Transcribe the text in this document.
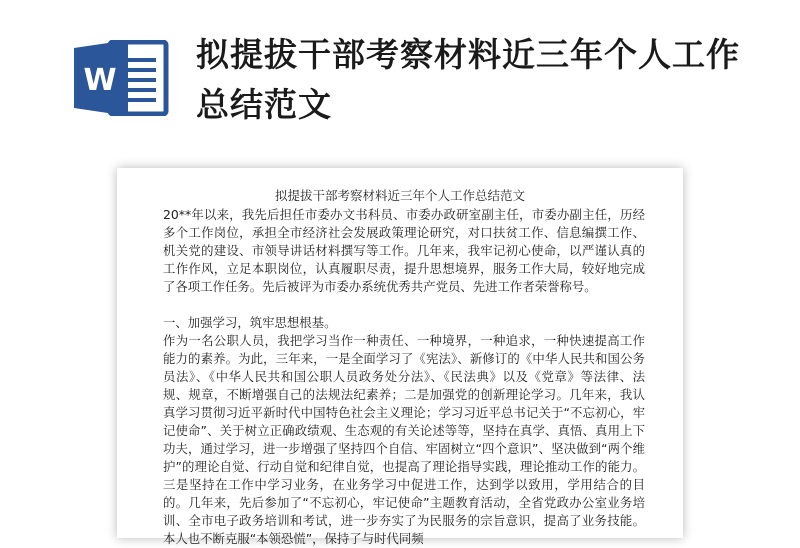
W
拟提拔干部考察材料近三年个人工作总结范文
拟提拔干部考察材料近三年个人工作总结范文

20**年以来，我先后担任市委办文书科员、市委办政研室副主任，市委办副主任，历经多个工作岗位，承担全市经济社会发展政策理论研究，对口扶贫工作、信息编撰工作、机关党的建设、市领导讲话材料撰写等工作。几年来，我牢记初心使命，以严谨认真的工作作风，立足本职岗位，认真履职尽责，提升思想境界，服务工作大局，较好地完成了各项工作任务。先后被评为市委办系统优秀共产党员、先进工作者荣誉称号。

一、加强学习，筑牢思想根基。

作为一名公职人员，我把学习当作一种责任、一种境界，一种追求，一种快速提高工作能力的素养。为此，三年来，一是全面学习了《宪法》、新修订的《中华人民共和国公务员法》、《中华人民共和国公职人员政务处分法》、《民法典》以及《党章》等法律、法规、规章，不断增强自己的法规法纪素养；二是加强党的创新理论学习。几年来，我认真学习贯彻习近平新时代中国特色社会主义理论；学习习近平总书记关于“不忘初心，牢记使命”、关于树立正确政绩观、生态观的有关论述等等，坚持在真学、真悟、真用上下功夫，通过学习，进一步增强了坚持四个自信、牢固树立“四个意识”、坚决做到“两个维护”的理论自觉、行动自觉和纪律自觉，也提高了理论指导实践，理论推动工作的能力。三是坚持在工作中学习业务，在业务学习中促进工作，达到学以致用，学用结合的目的。几年来，先后参加了“不忘初心，牢记使命”主题教育活动，全省党政办公室业务培训、全市电子政务培训和考试，进一步夯实了为民服务的宗旨意识，提高了业务技能。本人也不断克服“本领恐慌”，保持了与时代同频
